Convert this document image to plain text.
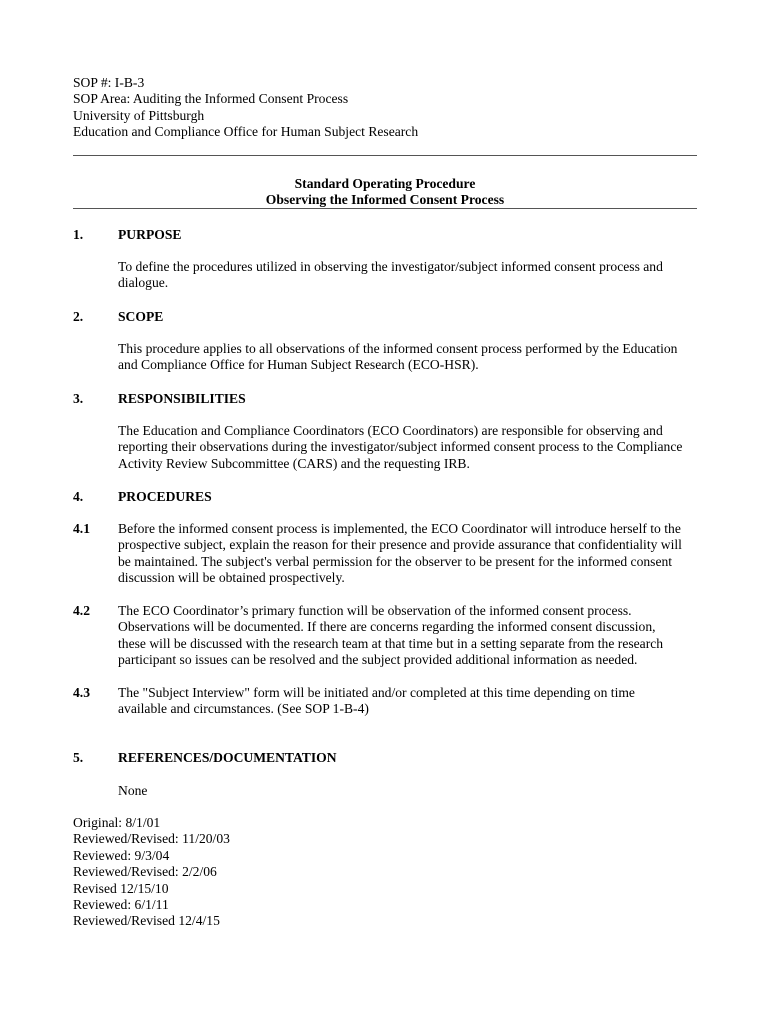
SOP #: I-B-3
SOP Area: Auditing the Informed Consent Process
University of Pittsburgh
Education and Compliance Office for Human Subject Research
Standard Operating Procedure
Observing the Informed Consent Process
1.	PURPOSE
To define the procedures utilized in observing the investigator/subject informed consent process and
dialogue.
2.	SCOPE
This procedure applies to all observations of the informed consent process performed by the Education
and Compliance Office for Human Subject Research (ECO-HSR).
3.	RESPONSIBILITIES
The Education and Compliance Coordinators (ECO Coordinators) are responsible for observing and
reporting their observations during the investigator/subject informed consent process to the Compliance
Activity Review Subcommittee (CARS) and the requesting IRB.
4.	PROCEDURES
4.1 Before the informed consent process is implemented, the ECO Coordinator will introduce herself to the
prospective subject, explain the reason for their presence and provide assurance that confidentiality will
be maintained. The subject's verbal permission for the observer to be present for the informed consent
discussion will be obtained prospectively.
4.2 The ECO Coordinator’s primary function will be observation of the informed consent process.
Observations will be documented. If there are concerns regarding the informed consent discussion,
these will be discussed with the research team at that time but in a setting separate from the research
participant so issues can be resolved and the subject provided additional information as needed.
4.3 The "Subject Interview" form will be initiated and/or completed at this time depending on time
available and circumstances. (See SOP 1-B-4)
5.	REFERENCES/DOCUMENTATION
None
Original: 8/1/01
Reviewed/Revised: 11/20/03
Reviewed: 9/3/04
Reviewed/Revised: 2/2/06
Revised 12/15/10
Reviewed: 6/1/11
Reviewed/Revised 12/4/15
